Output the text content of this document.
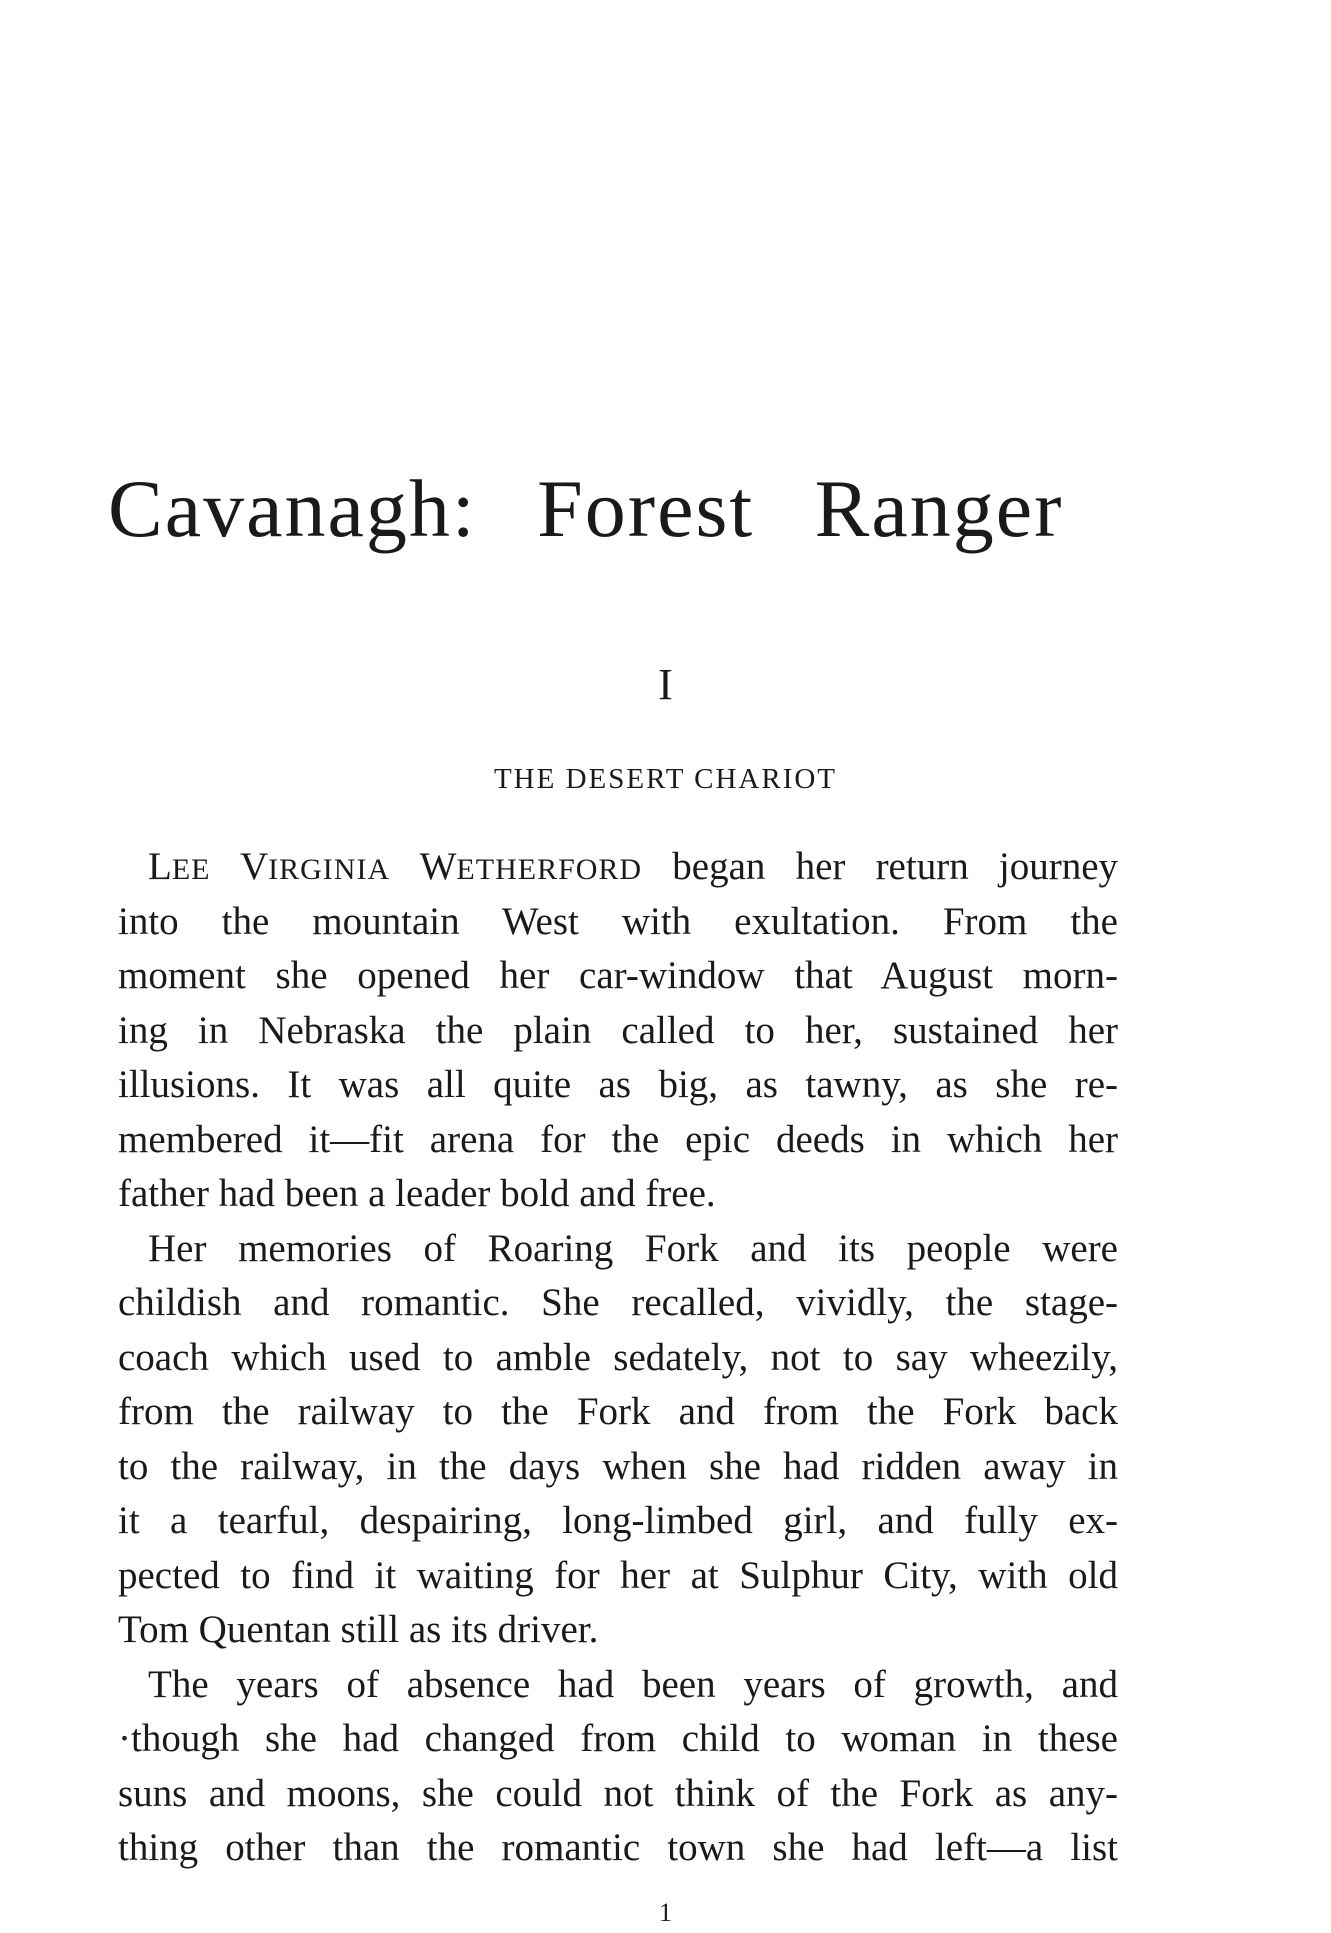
Cavanagh: Forest Ranger
I
THE DESERT CHARIOT
LEE VIRGINIA WETHERFORD began her return journey
into the mountain West with exultation. From the
moment she opened her car-window that August morn-
ing in Nebraska the plain called to her, sustained her
illusions. It was all quite as big, as tawny, as she re-
membered it—fit arena for the epic deeds in which her
father had been a leader bold and free.
Her memories of Roaring Fork and its people were
childish and romantic. She recalled, vividly, the stage-
coach which used to amble sedately, not to say wheezily,
from the railway to the Fork and from the Fork back
to the railway, in the days when she had ridden away in
it a tearful, despairing, long-limbed girl, and fully ex-
pected to find it waiting for her at Sulphur City, with old
Tom Quentan still as its driver.
The years of absence had been years of growth, and
·though she had changed from child to woman in these
suns and moons, she could not think of the Fork as any-
thing other than the romantic town she had left—a list
1
